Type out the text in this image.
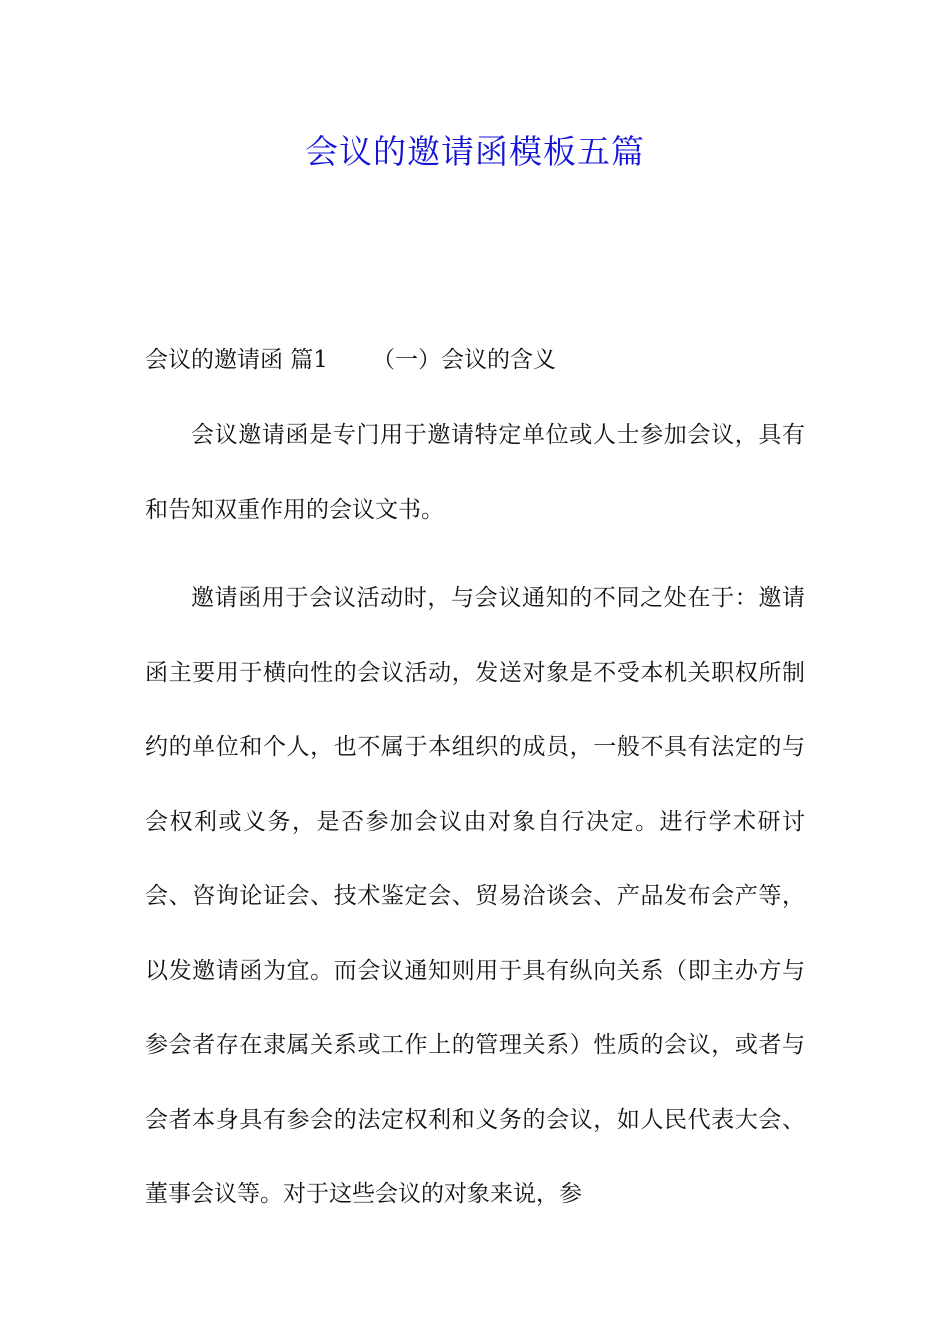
会议的邀请函模板五篇
会议的邀请函 篇1 （一）会议的含义

会议邀请函是专门用于邀请特定单位或人士参加会议，具有和告知双重作用的会议文书。

邀请函用于会议活动时，与会议通知的不同之处在于：邀请函主要用于横向性的会议活动，发送对象是不受本机关职权所制约的单位和个人，也不属于本组织的成员，一般不具有法定的与会权利或义务，是否参加会议由对象自行决定。进行学术研讨会、咨询论证会、技术鉴定会、贸易洽谈会、产品发布会产等，以发邀请函为宜。而会议通知则用于具有纵向关系（即主办方与参会者存在隶属关系或工作上的管理关系）性质的会议，或者与会者本身具有参会的法定权利和义务的会议，如人民代表大会、董事会议等。对于这些会议的对象来说，参
